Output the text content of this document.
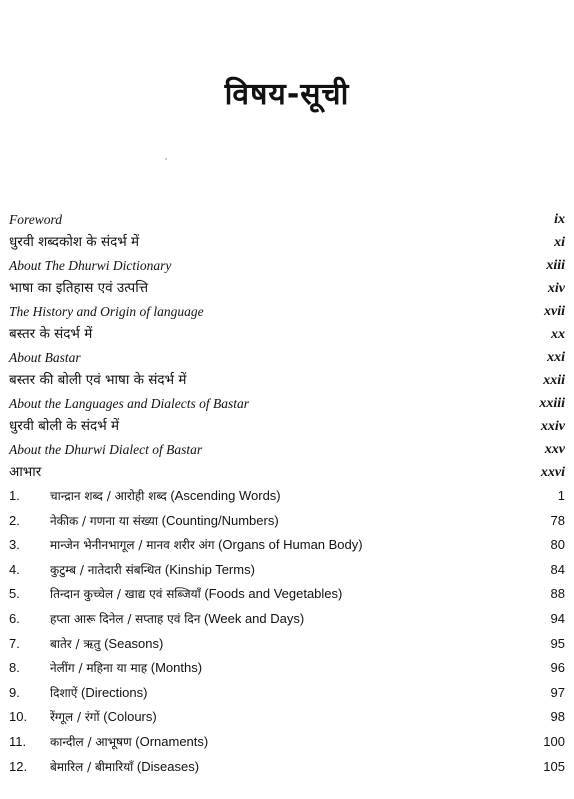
विषय-सूची
Foreword	ix
धुरवी शब्दकोश के संदर्भ में	xi
About The Dhurwi Dictionary	xiii
भाषा का इतिहास एवं उत्पत्ति	xiv
The History and Origin of language	xvii
बस्तर के संदर्भ में	xx
About Bastar	xxi
बस्तर की बोली एवं भाषा के संदर्भ में	xxii
About the Languages and Dialects of Bastar	xxiii
धुरवी बोली के संदर्भ में	xxiv
About the Dhurwi Dialect of Bastar	xxv
आभार	xxvi
1.	चान्द्रान शब्द / आरोही शब्द (Ascending Words)	1
2.	नेकीक / गणना या संख्या (Counting/Numbers)	78
3.	मान्जेन भेनीनभागूल / मानव शरीर अंग (Organs of Human Body)	80
4.	कुटुम्ब / नातेदारी संबन्धित (Kinship Terms)	84
5.	तिन्दान कुच्चेल / खाद्य एवं सब्जियाँ (Foods and Vegetables)	88
6.	हप्ता आरू दिनेल / सप्ताह एवं दिन (Week and Days)	94
7.	बातेर / ऋतु (Seasons)	95
8.	नेलींग / महिना या माह (Months)	96
9.	दिशाऐं (Directions)	97
10. रेंग्गूल / रंगों (Colours)	98
11. कान्दील / आभूषण (Ornaments)	100
12. बेमारिल / बीमारियाँ (Diseases)	105
